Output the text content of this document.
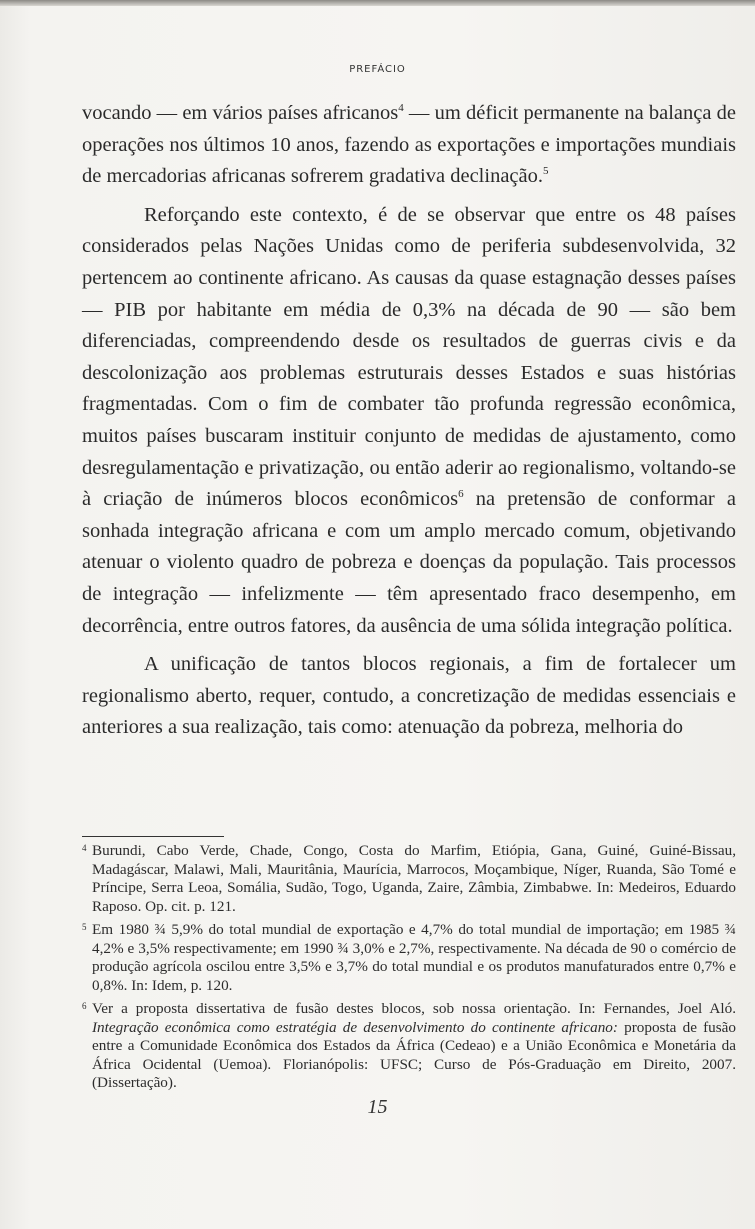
PREFÁCIO

vocando — em vários países africanos$^4$ — um déficit permanente na balança de operações nos últimos 10 anos, fazendo as exportações e importações mundiais de mercadorias africanas sofrerem gradativa declinação.$^5$

Reforçando este contexto, é de se observar que entre os 48 países considerados pelas Nações Unidas como de periferia subdesenvolvida, 32 pertencem ao continente africano. As causas da quase estagnação desses países — PIB por habitante em média de 0,3% na década de 90 — são bem diferenciadas, compreendendo desde os resultados de guerras civis e da descolonização aos problemas estruturais desses Estados e suas histórias fragmentadas. Com o fim de combater tão profunda regressão econômica, muitos países buscaram instituir conjunto de medidas de ajustamento, como desregulamentação e privatização, ou então aderir ao regionalismo, voltando-se à criação de inúmeros blocos econômicos$^6$ na pretensão de conformar a sonhada integração africana e com um amplo mercado comum, objetivando atenuar o violento quadro de pobreza e doenças da população. Tais processos de integração — infelizmente — têm apresentado fraco desempenho, em decorrência, entre outros fatores, da ausência de uma sólida integração política.

A unificação de tantos blocos regionais, a fim de fortalecer um regionalismo aberto, requer, contudo, a concretização de medidas essenciais e anteriores a sua realização, tais como: atenuação da pobreza, melhoria do

4 Burundi, Cabo Verde, Chade, Congo, Costa do Marfim, Etiópia, Gana, Guiné, Guiné-Bissau, Madagáscar, Malawi, Mali, Mauritânia, Maurícia, Marrocos, Moçambique, Níger, Ruanda, São Tomé e Príncipe, Serra Leoa, Somália, Sudão, Togo, Uganda, Zaire, Zâmbia, Zimbabwe. In: Medeiros, Eduardo Raposo. Op. cit. p. 121.
5 Em 1980 ¾ 5,9% do total mundial de exportação e 4,7% do total mundial de importação; em 1985 ¾ 4,2% e 3,5% respectivamente; em 1990 ¾ 3,0% e 2,7%, respectivamente. Na década de 90 o comércio de produção agrícola oscilou entre 3,5% e 3,7% do total mundial e os produtos manufaturados entre 0,7% e 0,8%. In: Idem, p. 120.
6 Ver a proposta dissertativa de fusão destes blocos, sob nossa orientação. In: Fernandes, Joel Aló. Integração econômica como estratégia de desenvolvimento do continente africano: proposta de fusão entre a Comunidade Econômica dos Estados da África (Cedeao) e a União Econômica e Monetária da África Ocidental (Uemoa). Florianópolis: UFSC; Curso de Pós-Graduação em Direito, 2007. (Dissertação).
15
